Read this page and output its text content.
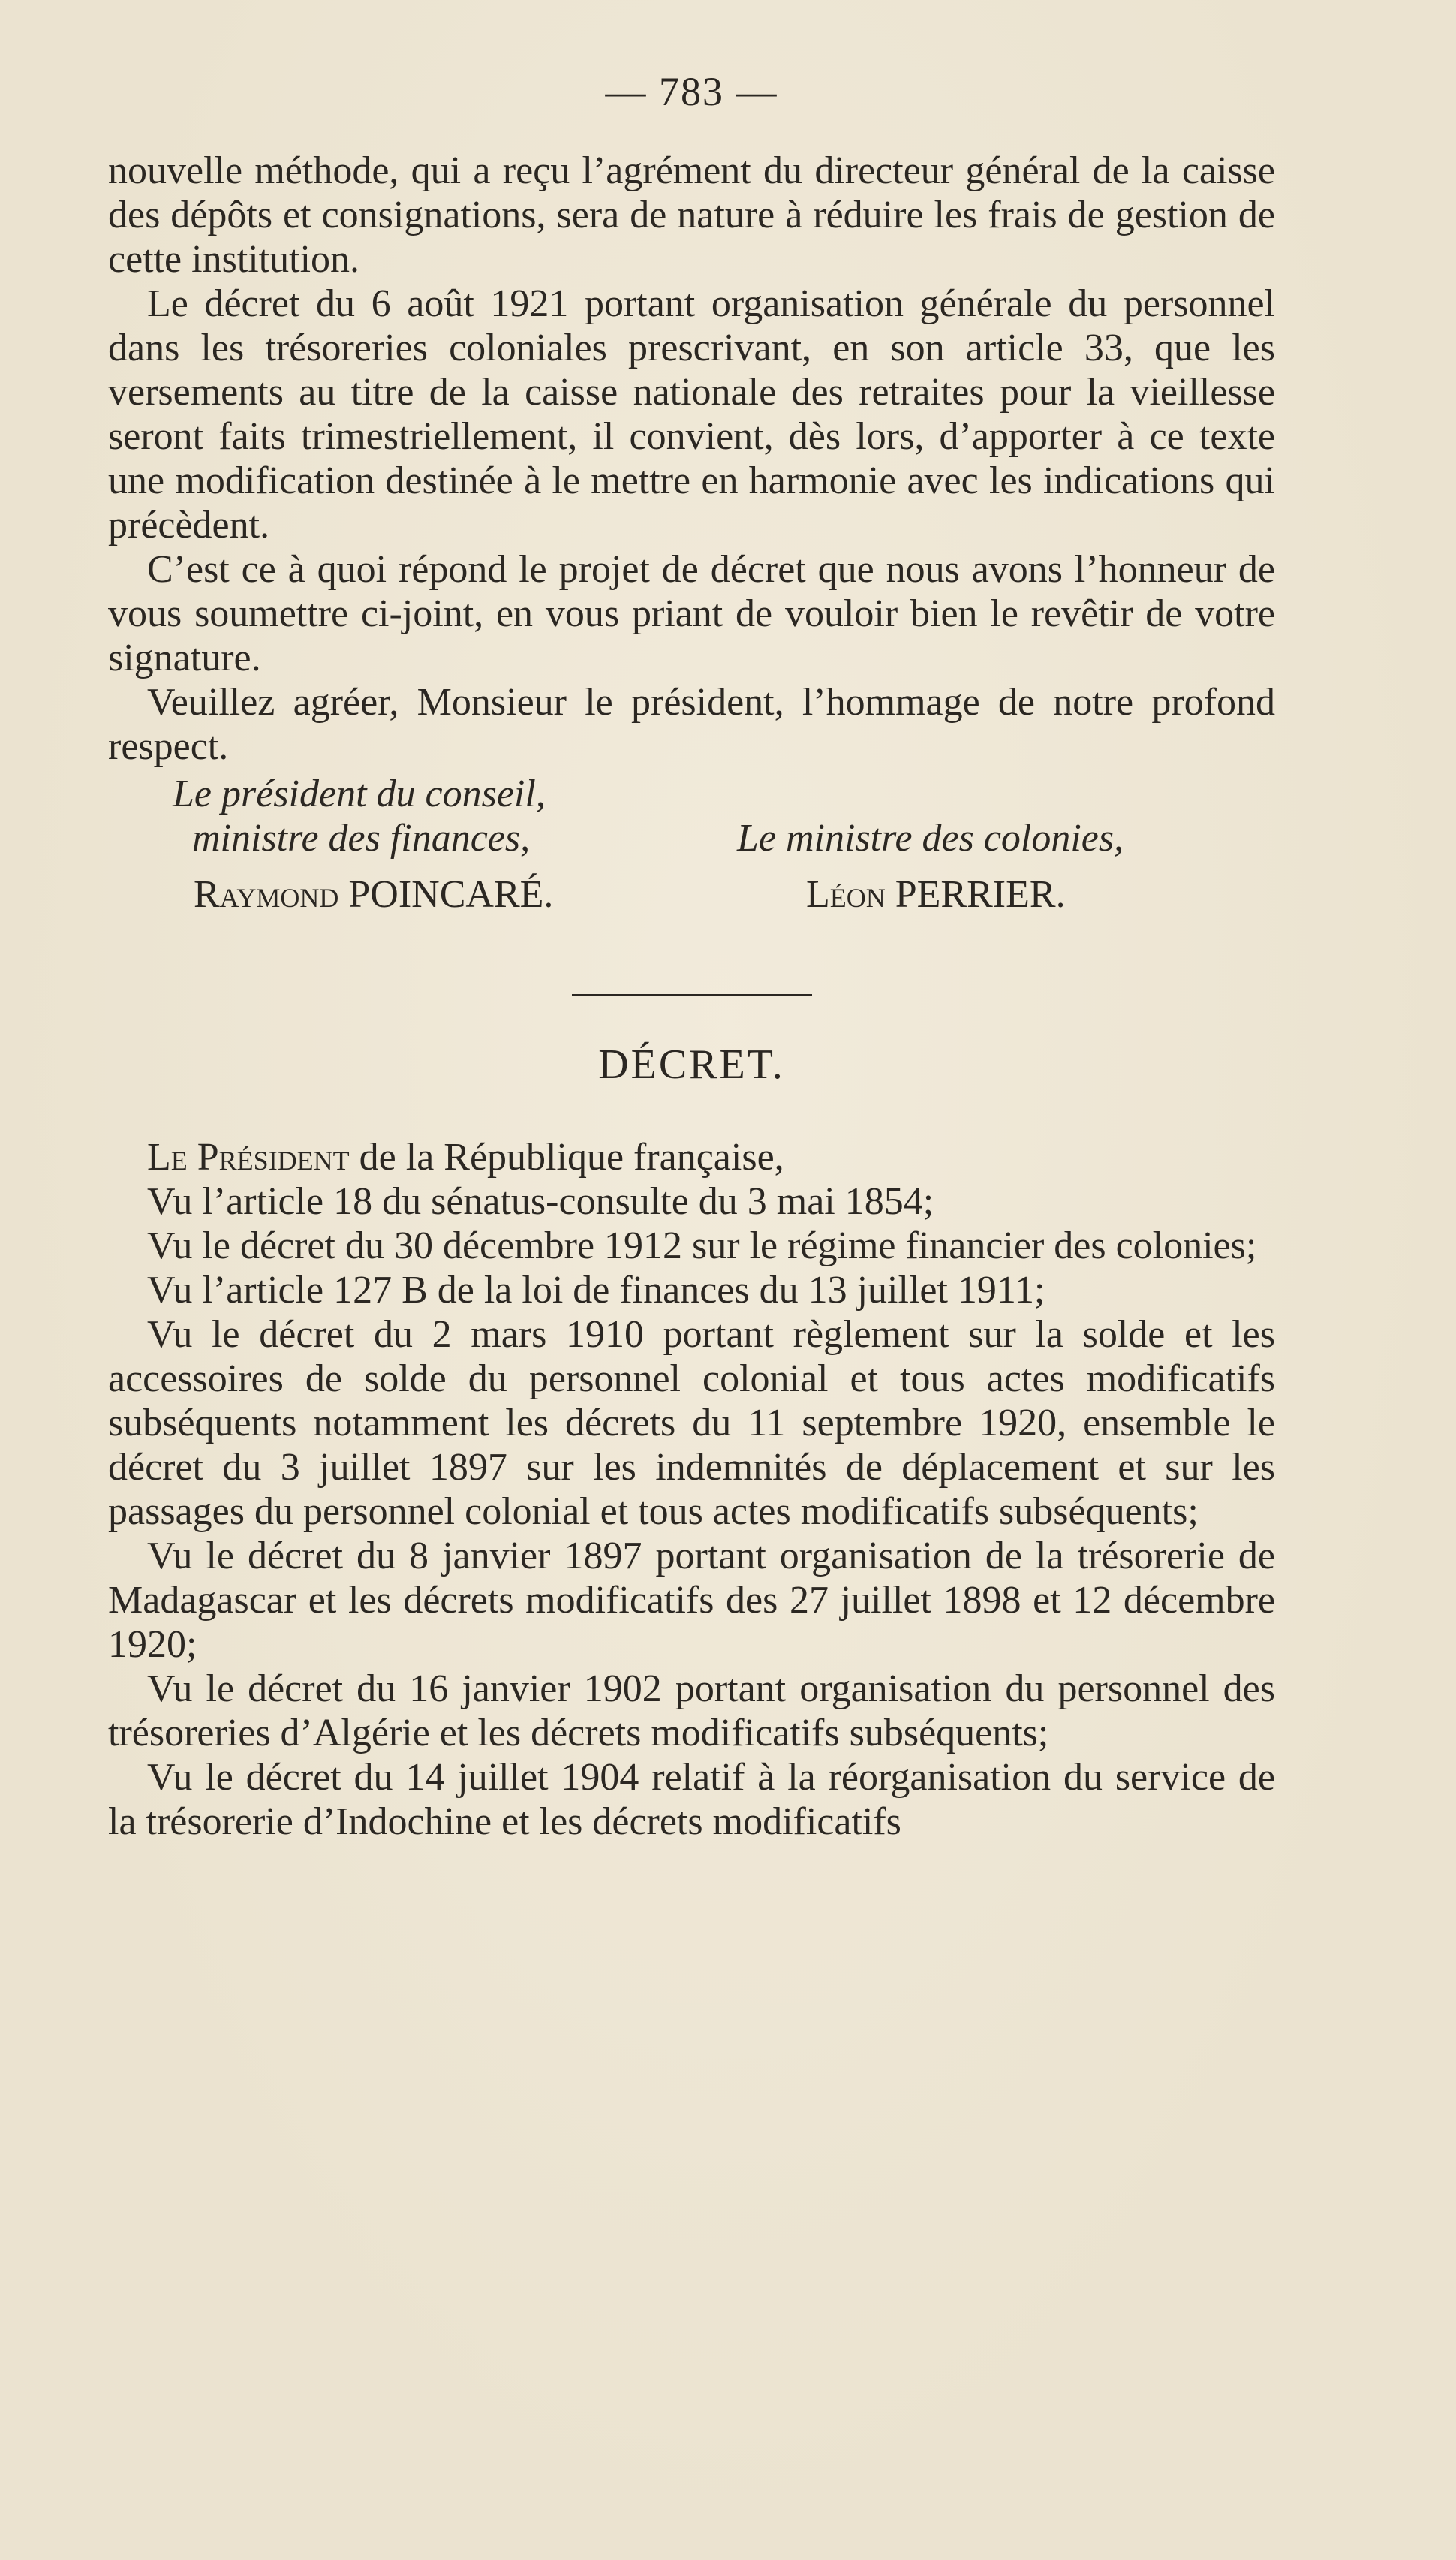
— 783 —

nouvelle méthode, qui a reçu l’agrément du directeur général de la caisse des dépôts et consignations, sera de nature à réduire les frais de gestion de cette institution.

Le décret du 6 août 1921 portant organisation générale du personnel dans les trésoreries coloniales prescrivant, en son article 33, que les versements au titre de la caisse nationale des retraites pour la vieillesse seront faits trimestriellement, il convient, dès lors, d’apporter à ce texte une modification destinée à le mettre en harmonie avec les indications qui précèdent.

C’est ce à quoi répond le projet de décret que nous avons l’honneur de vous soumettre ci-joint, en vous priant de vouloir bien le revêtir de votre signature.

Veuillez agréer, Monsieur le président, l’hommage de notre profond respect.

Le président du conseil,
ministre des finances,	Le ministre des colonies,
Raymond POINCARÉ.	Léon PERRIER.
DÉCRET.

Le Président de la République française,

Vu l’article 18 du sénatus-consulte du 3 mai 1854;

Vu le décret du 30 décembre 1912 sur le régime financier des colonies;

Vu l’article 127 B de la loi de finances du 13 juillet 1911;

Vu le décret du 2 mars 1910 portant règlement sur la solde et les accessoires de solde du personnel colonial et tous actes modificatifs subséquents notamment les décrets du 11 septembre 1920, ensemble le décret du 3 juillet 1897 sur les indemnités de déplacement et sur les passages du personnel colonial et tous actes modificatifs subséquents;

Vu le décret du 8 janvier 1897 portant organisation de la trésorerie de Madagascar et les décrets modificatifs des 27 juillet 1898 et 12 décembre 1920;

Vu le décret du 16 janvier 1902 portant organisation du personnel des trésoreries d’Algérie et les décrets modificatifs subséquents;

Vu le décret du 14 juillet 1904 relatif à la réorganisation du service de la trésorerie d’Indochine et les décrets modificatifs
